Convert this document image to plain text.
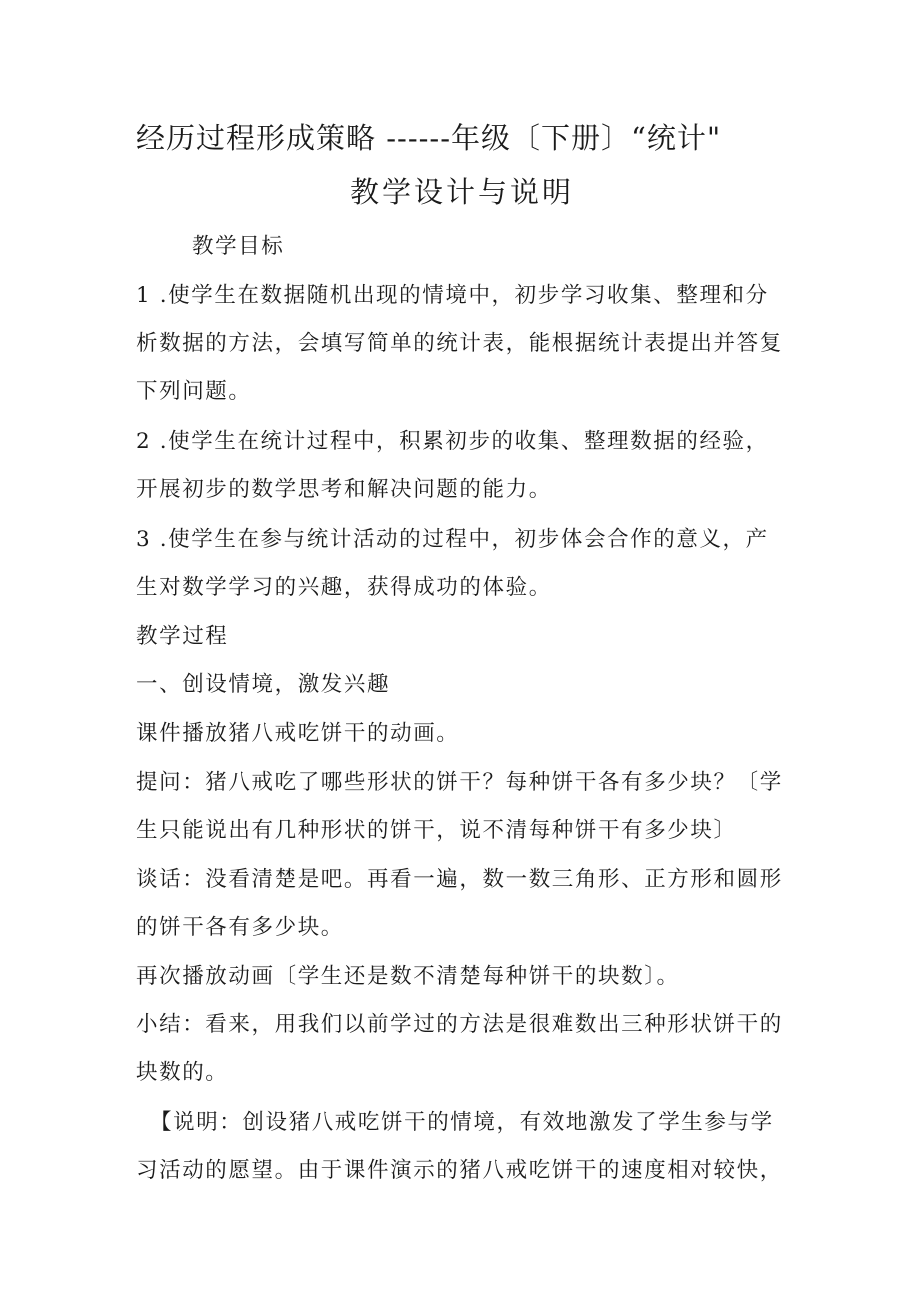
经历过程形成策略 ------年级〔下册〕“统计"
教学设计与说明
教学目标
1 .使学生在数据随机出现的情境中，初步学习收集、整理和分
析数据的方法，会填写简单的统计表，能根据统计表提出并答复
下列问题。
2 .使学生在统计过程中，积累初步的收集、整理数据的经验，
开展初步的数学思考和解决问题的能力。
3 .使学生在参与统计活动的过程中，初步体会合作的意义，产
生对数学学习的兴趣，获得成功的体验。
教学过程
一、创设情境，激发兴趣
课件播放猪八戒吃饼干的动画。
提问：猪八戒吃了哪些形状的饼干？每种饼干各有多少块？〔学
生只能说出有几种形状的饼干，说不清每种饼干有多少块〕
谈话：没看清楚是吧。再看一遍，数一数三角形、正方形和圆形
的饼干各有多少块。
再次播放动画〔学生还是数不清楚每种饼干的块数〕。
小结：看来，用我们以前学过的方法是很难数出三种形状饼干的
块数的。
【说明：创设猪八戒吃饼干的情境，有效地激发了学生参与学
习活动的愿望。由于课件演示的猪八戒吃饼干的速度相对较快，
